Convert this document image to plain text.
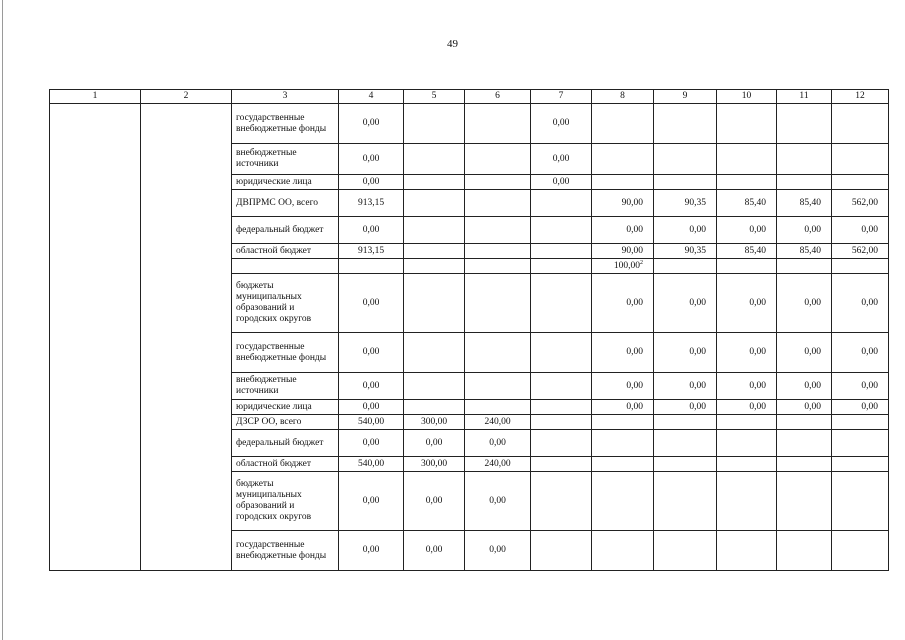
49
1	2	3	4	5	6	7	8	9	10	11	12
		государственные внебюджетные фонды	0,00			0,00					
		внебюджетные источники	0,00			0,00					
		юридические лица	0,00			0,00					
		ДВПРМС ОО, всего	913,15				90,00	90,35	85,40	85,40	562,00
		федеральный бюджет	0,00				0,00	0,00	0,00	0,00	0,00
		областной бюджет	913,15				90,00	90,35	85,40	85,40	562,00
							100,00$^2$				
		бюджеты муниципальных образований и городских округов	0,00				0,00	0,00	0,00	0,00	0,00
		государственные внебюджетные фонды	0,00				0,00	0,00	0,00	0,00	0,00
		внебюджетные источники	0,00				0,00	0,00	0,00	0,00	0,00
		юридические лица	0,00				0,00	0,00	0,00	0,00	0,00
		ДЗСР ОО, всего	540,00	300,00	240,00						
		федеральный бюджет	0,00	0,00	0,00						
		областной бюджет	540,00	300,00	240,00						
		бюджеты муниципальных образований и городских округов	0,00	0,00	0,00						
		государственные внебюджетные фонды	0,00	0,00	0,00						
